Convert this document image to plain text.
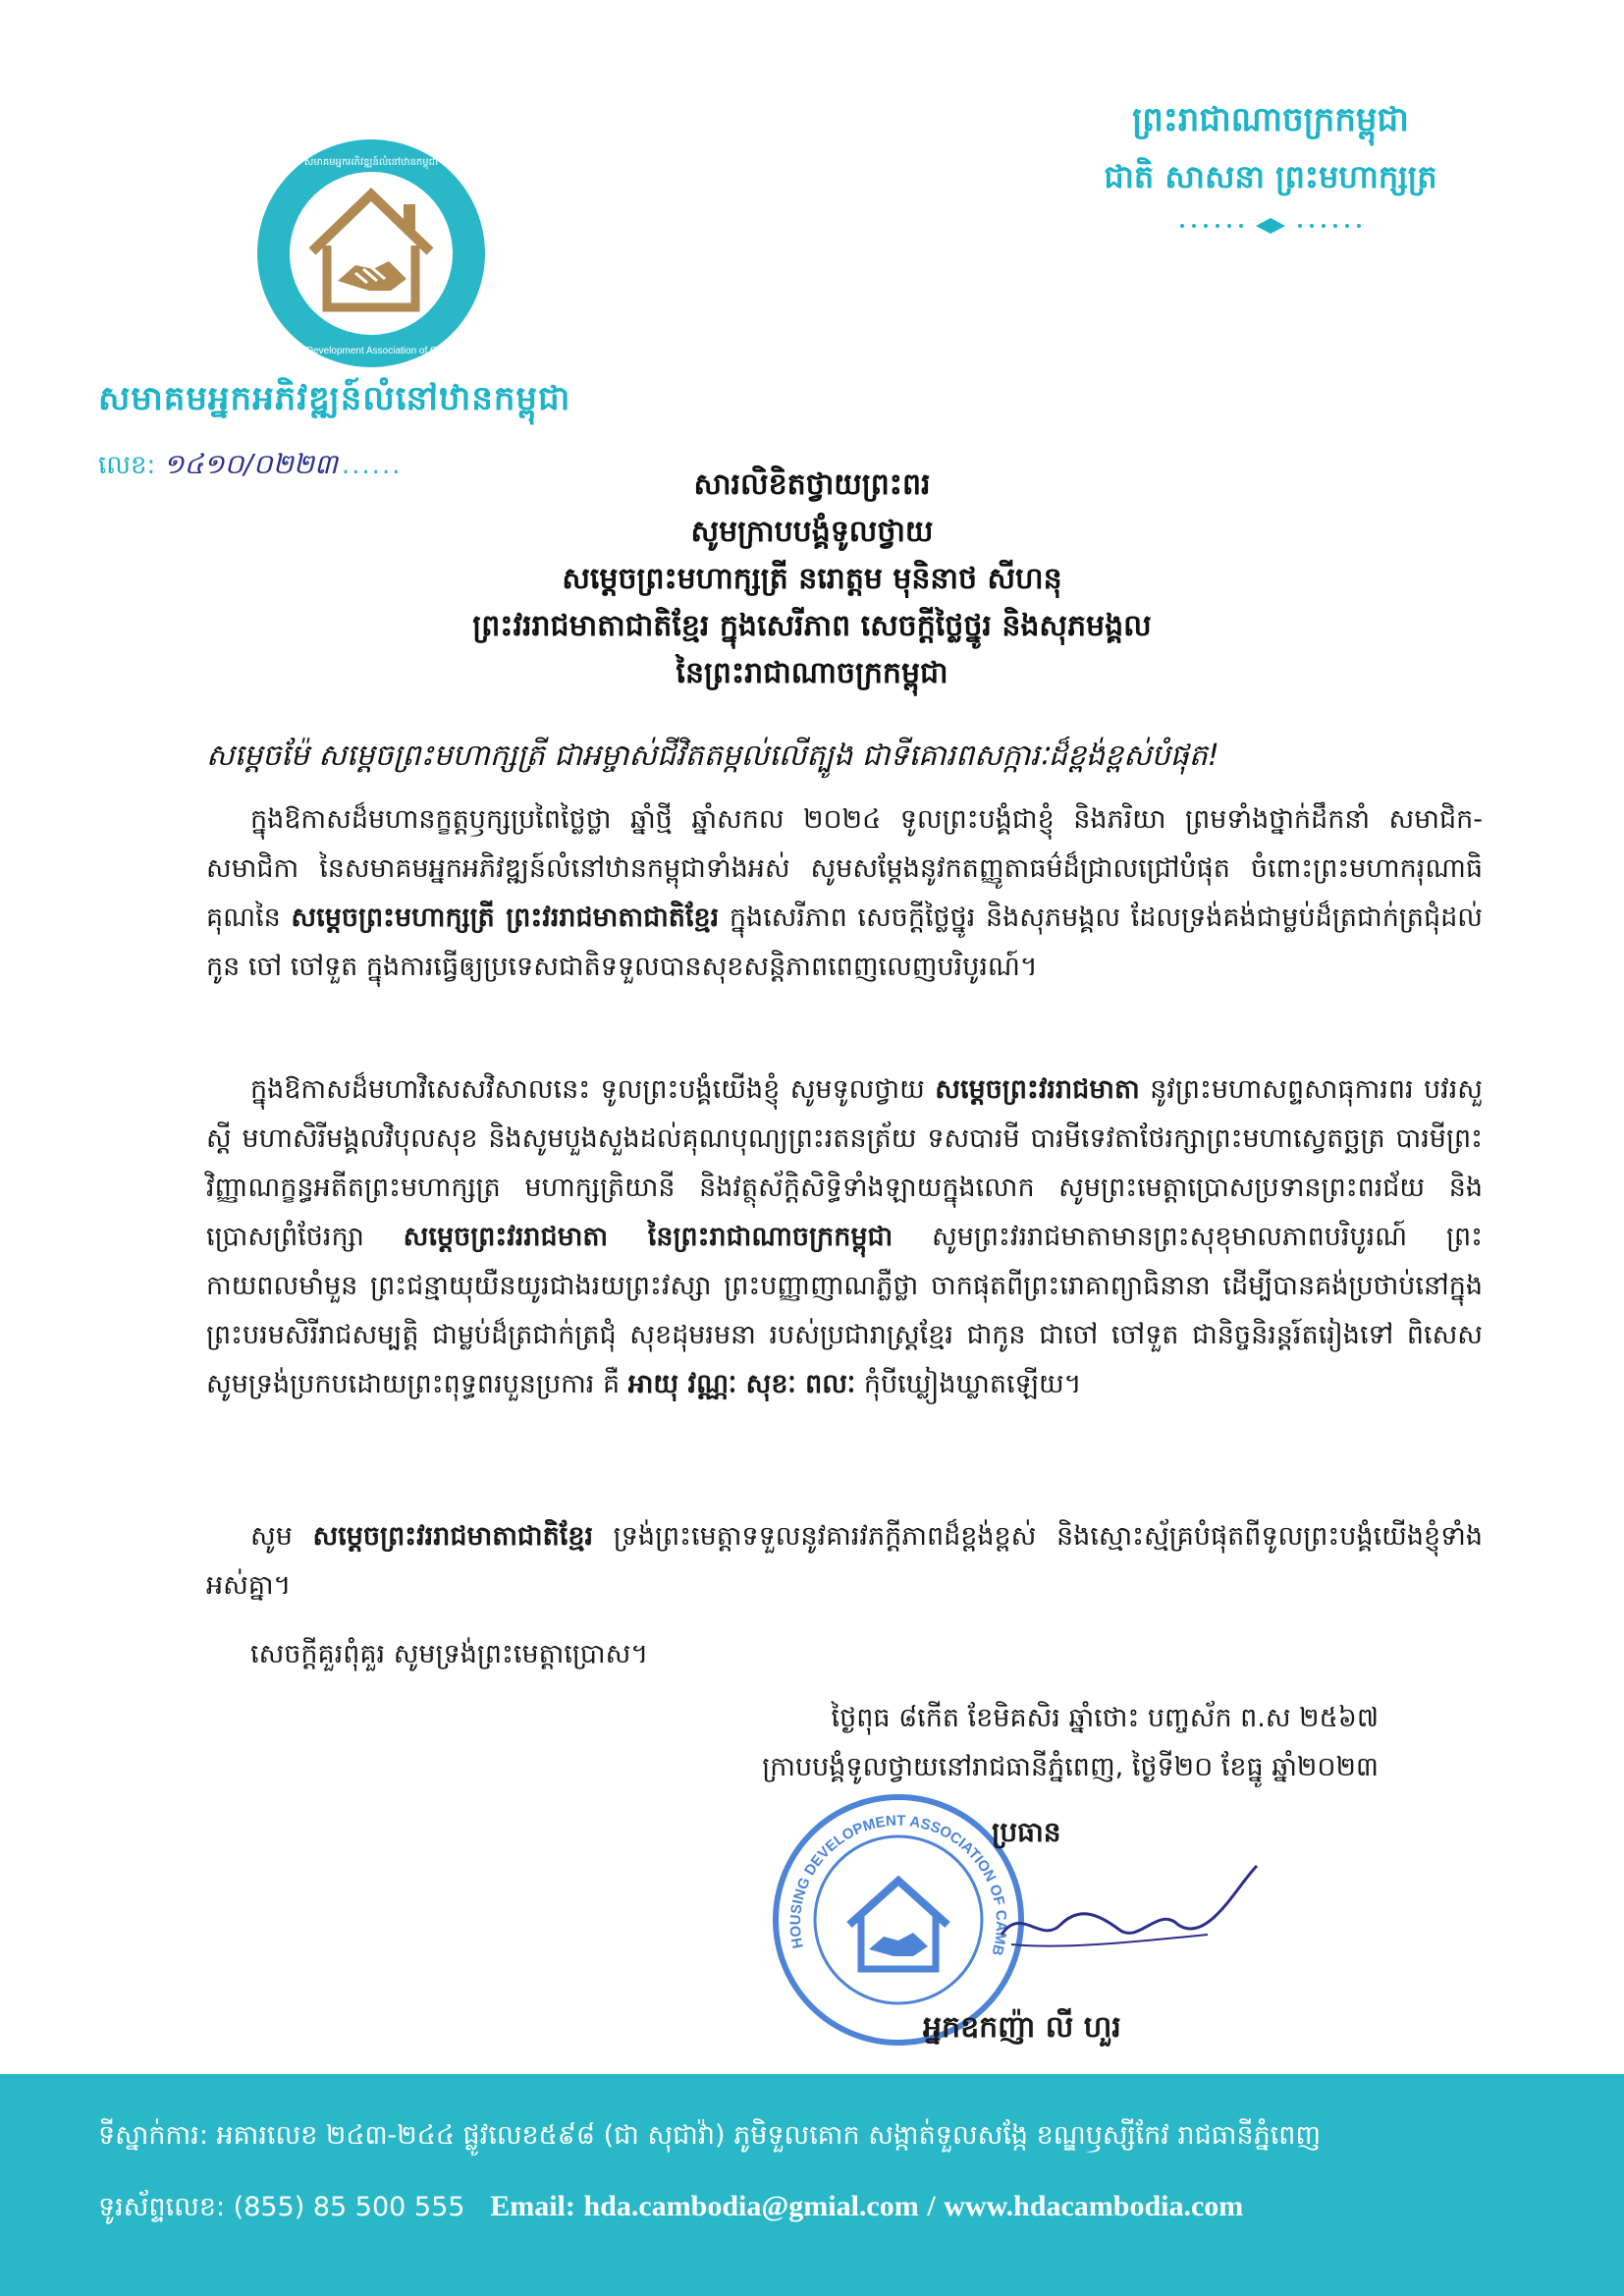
សមាគមអ្នកអភិវឌ្ឍន៍លំនៅឋានកម្ពុជា
Housing Development Association of Cambodia
សមាគមអ្នកអភិវឌ្ឍន៍លំនៅឋានកម្ពុជា
លេខ: ១៤១០/០២២៣ ......
ព្រះរាជាណាចក្រកម្ពុជា
ជាតិ សាសនា ព្រះមហាក្សត្រ
សារលិខិតថ្វាយព្រះពរ
សូមក្រាបបង្គំទូលថ្វាយ
សម្តេចព្រះមហាក្សត្រី នរោត្តម មុនិនាថ សីហនុ
ព្រះវររាជមាតាជាតិខ្មែរ ក្នុងសេរីភាព សេចក្តីថ្លៃថ្នូរ និងសុភមង្គល
នៃព្រះរាជាណាចក្រកម្ពុជា
សម្តេចម៉ែ សម្តេចព្រះមហាក្សត្រី ជាអម្ចាស់ជីវិតតម្កល់លើត្បូង ជាទីគោរពសក្ការៈដ៏ខ្ពង់ខ្ពស់បំផុត!
ក្នុងឱកាសដ៏មហានក្ខត្តឫក្សប្រពៃថ្លៃថ្លា ឆ្នាំថ្មី ឆ្នាំសកល ២០២៤ ទូលព្រះបង្គំជាខ្ញុំ និងភរិយា ព្រមទាំងថ្នាក់ដឹកនាំ សមាជិក-សមាជិកា នៃសមាគមអ្នកអភិវឌ្ឍន៍លំនៅឋានកម្ពុជាទាំងអស់ សូមសម្តែងនូវកតញ្ញូតាធម៌ដ៏ជ្រាលជ្រៅបំផុត ចំពោះព្រះមហាករុណាធិគុណនៃ សម្តេចព្រះមហាក្សត្រី ព្រះវររាជមាតាជាតិខ្មែរ ក្នុងសេរីភាព សេចក្តីថ្លៃថ្នូរ និងសុភមង្គល ដែលទ្រង់គង់ជាម្លប់ដ៏ត្រជាក់ត្រជុំដល់ កូន ចៅ ចៅទួត ក្នុងការធ្វើឲ្យប្រទេសជាតិទទួលបានសុខសន្តិភាពពេញលេញបរិបូរណ៍។
ក្នុងឱកាសដ៏មហាវិសេសវិសាលនេះ ទូលព្រះបង្គំយើងខ្ញុំ សូមទូលថ្វាយ សម្តេចព្រះវររាជមាតា នូវព្រះមហាសព្ទសាធុការពរ បវរសួស្តី មហាសិរីមង្គលវិបុលសុខ និងសូមបួងសួងដល់គុណបុណ្យព្រះរតនត្រ័យ ទសបារមី បារមីទេវតាថែរក្សាព្រះមហាស្វេតច្ឆត្រ បារមីព្រះវិញ្ញាណក្ខន្ធអតីតព្រះមហាក្សត្រ មហាក្សត្រិយានី និងវត្ថុស័ក្តិសិទ្ធិទាំងឡាយក្នុងលោក សូមព្រះមេត្តាប្រោសប្រទានព្រះពរជ័យ និងប្រោសព្រំថែរក្សា សម្តេចព្រះវររាជមាតា នៃព្រះរាជាណាចក្រកម្ពុជា សូមព្រះវររាជមាតាមានព្រះសុខុមាលភាពបរិបូរណ៍ ព្រះកាយពលមាំមួន ព្រះជន្មាយុយឺនយូរជាងរយព្រះវស្សា ព្រះបញ្ញាញាណភ្លឺថ្លា ចាកផុតពីព្រះរោគាព្យាធិនានា ដើម្បីបានគង់ប្រថាប់នៅក្នុងព្រះបរមសិរីរាជសម្បត្តិ ជាម្លប់ដ៏ត្រជាក់ត្រជុំ សុខដុមរមនា របស់ប្រជារាស្ត្រខ្មែរ ជាកូន ជាចៅ ចៅទួត ជានិច្ចនិរន្តរ៍តរៀងទៅ ពិសេសសូមទ្រង់ប្រកបដោយព្រះពុទ្ធពរបួនប្រការ គឺ អាយុ វណ្ណៈ សុខៈ ពលៈ កុំបីឃ្លៀងឃ្លាតឡើយ។
សូម សម្តេចព្រះវររាជមាតាជាតិខ្មែរ ទ្រង់ព្រះមេត្តាទទួលនូវគារវភក្តីភាពដ៏ខ្ពង់ខ្ពស់ និងស្មោះស្ម័គ្របំផុតពីទូលព្រះបង្គំយើងខ្ញុំទាំងអស់គ្នា។
សេចក្តីគួរពុំគួរ សូមទ្រង់ព្រះមេត្តាប្រោស។
ថ្ងៃពុធ ៨កើត ខែមិគសិរ ឆ្នាំថោះ បញ្ចស័ក ព.ស ២៥៦៧
ក្រាបបង្គំទូលថ្វាយនៅរាជធានីភ្នំពេញ, ថ្ងៃទី២០ ខែធ្នូ ឆ្នាំ២០២៣
HOUSING DEVELOPMENT ASSOCIATION OF CAMB
ប្រធាន
អ្នកឧកញ៉ា លី ហួរ
ទីស្នាក់ការ: អគារលេខ ២៤៣-២៤៤ ផ្លូវលេខ៥៩៨ (ជា សុជាវ៉ា) ភូមិទួលគោក សង្កាត់ទួលសង្កែ ខណ្ឌឫស្សីកែវ រាជធានីភ្នំពេញ
ទូរស័ព្ទលេខ: (855) 85 500 555 Email: hda.cambodia@gmial.com / www.hdacambodia.com
